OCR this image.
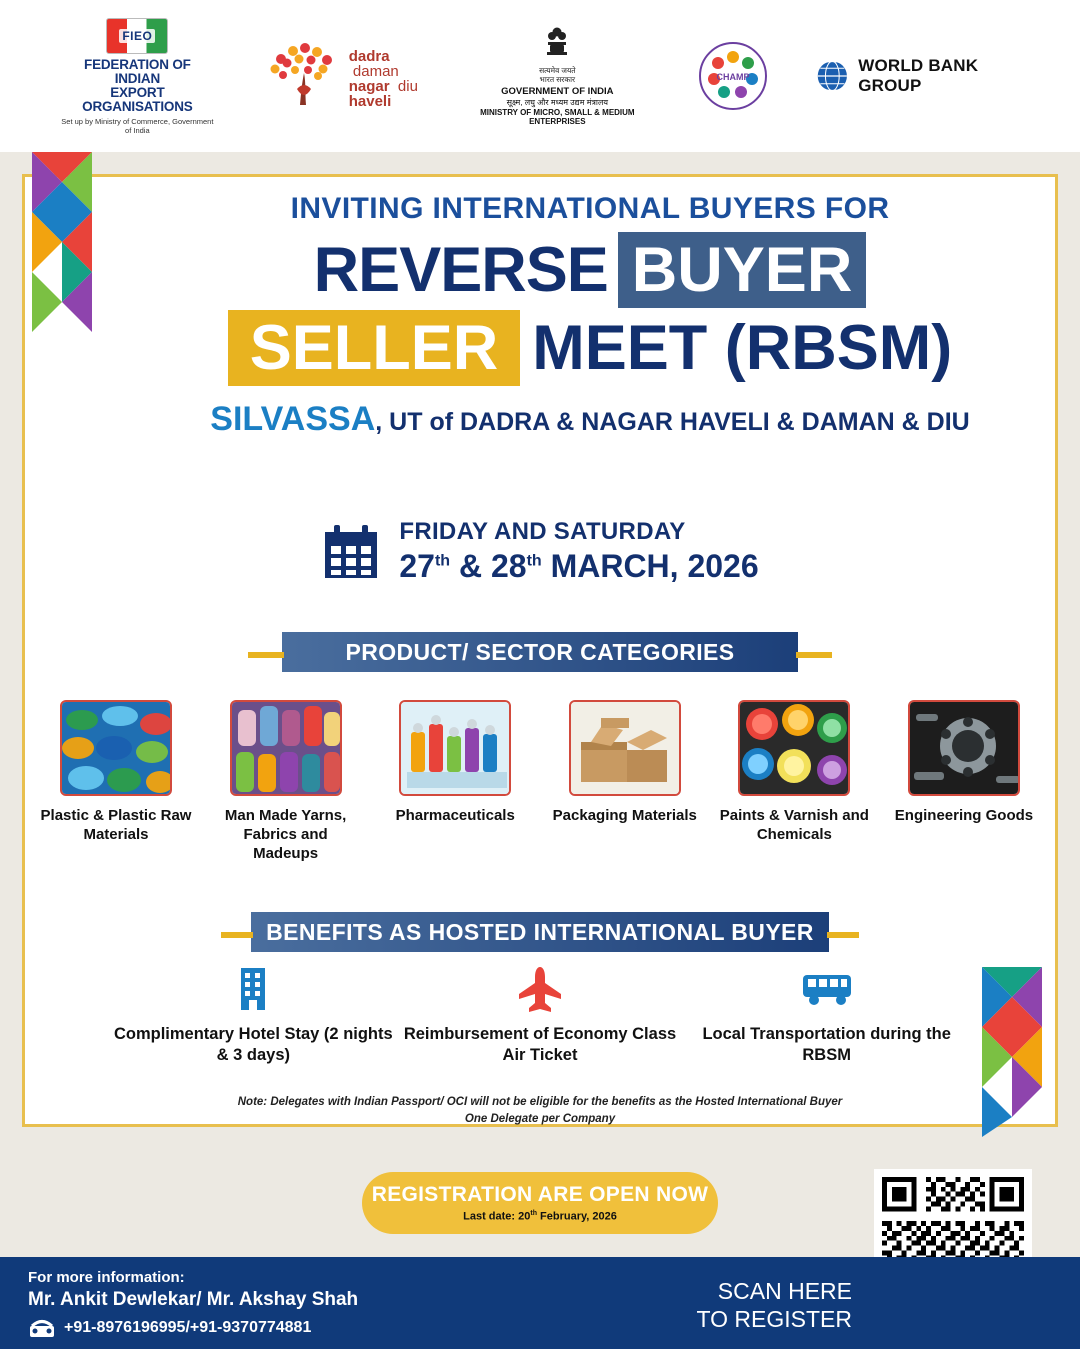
FIEO
FEDERATION OF INDIAN
EXPORT ORGANISATIONS
Set up by Ministry of Commerce, Government of India
dadra  daman
nagar diu
haveli
सत्यमेव जयते
भारत सरकार
GOVERNMENT OF INDIA
सूक्ष्म, लघु और मध्यम उद्यम मंत्रालय
MINISTRY OF MICRO, SMALL & MEDIUM ENTERPRISES
CHAMP
WORLD BANK GROUP
INVITING INTERNATIONAL BUYERS FOR
REVERSE BUYER
SELLER MEET (RBSM)
SILVASSA, UT of DADRA & NAGAR HAVELI & DAMAN & DIU
FRIDAY AND SATURDAY
27th & 28th MARCH, 2026
PRODUCT/ SECTOR CATEGORIES
Plastic & Plastic Raw Materials
Man Made Yarns, Fabrics and Madeups
Pharmaceuticals	Packaging Materials Paints & Varnish and Chemicals
Engineering Goods
BENEFITS AS HOSTED INTERNATIONAL BUYER
Complimentary Hotel Stay (2 nights & 3 days)
Reimbursement of Economy Class Air Ticket
Local Transportation during the RBSM
Note: Delegates with Indian Passport/ OCI will not be eligible for the benefits as the Hosted International Buyer
One Delegate per Company
REGISTRATION ARE OPEN NOW
Last date: 20th February, 2026
For more information:
Mr. Ankit Dewlekar/ Mr. Akshay Shah
+91-8976196995/+91-9370774881
SCAN HERE
TO REGISTER
